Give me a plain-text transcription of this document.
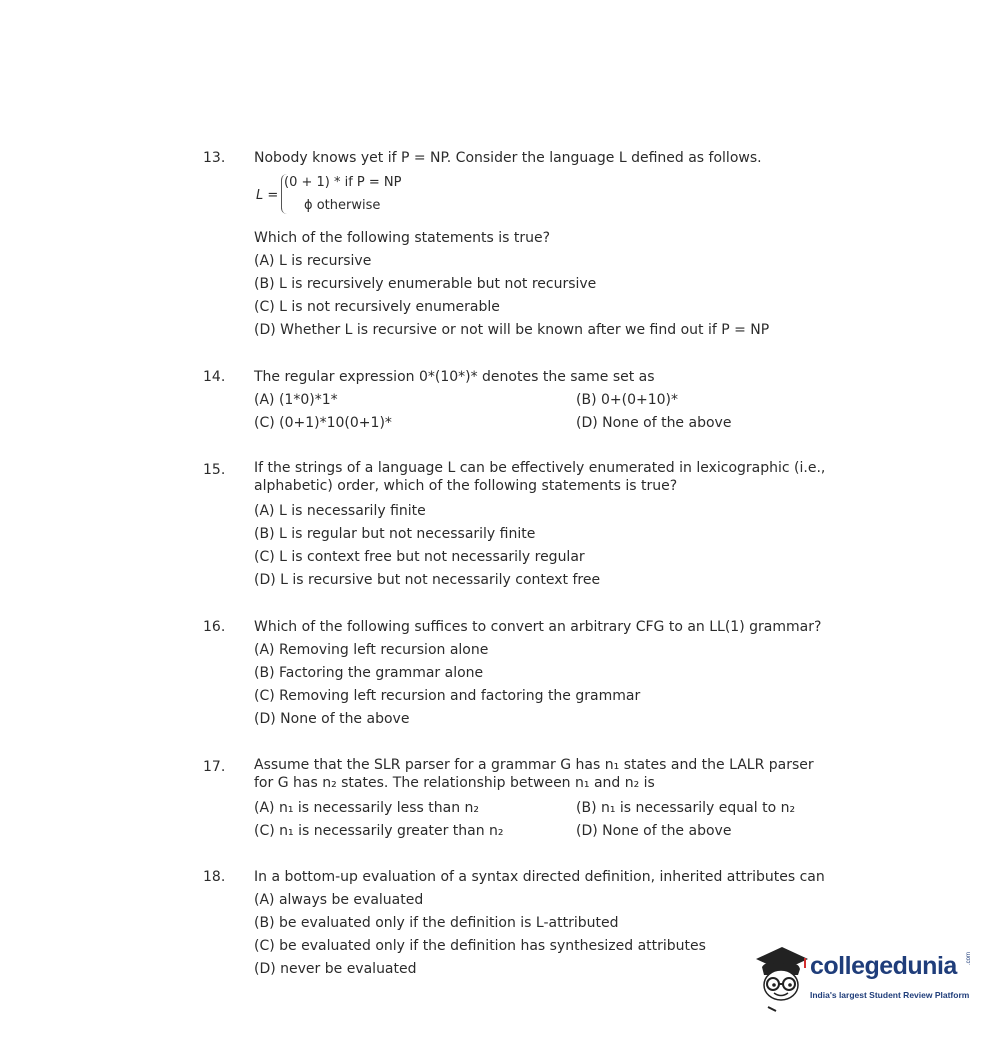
13. Nobody knows yet if P = NP. Consider the language L defined as follows.
L =
(0 + 1) * if P = NP
ϕ otherwise
Which of the following statements is true?
(A) L is recursive
(B) L is recursively enumerable but not recursive
(C) L is not recursively enumerable
(D) Whether L is recursive or not will be known after we find out if P = NP
14. The regular expression 0*(10*)* denotes the same set as
(A) (1*0)*1*	(B) 0+(0+10)*
(C) (0+1)*10(0+1)*	(D) None of the above
15. If the strings of a language L can be effectively enumerated in lexicographic (i.e.,
alphabetic) order, which of the following statements is true?
(A) L is necessarily finite
(B) L is regular but not necessarily finite
(C) L is context free but not necessarily regular
(D) L is recursive but not necessarily context free
16. Which of the following suffices to convert an arbitrary CFG to an LL(1) grammar?
(A) Removing left recursion alone
(B) Factoring the grammar alone
(C) Removing left recursion and factoring the grammar
(D) None of the above
17. Assume that the SLR parser for a grammar G has n₁ states and the LALR parser
for G has n₂ states. The relationship between n₁ and n₂ is
(A) n₁ is necessarily less than n₂	(B) n₁ is necessarily equal to n₂
(C) n₁ is necessarily greater than n₂	(D) None of the above
18. In a bottom-up evaluation of a syntax directed definition, inherited attributes can
(A) always be evaluated
(B) be evaluated only if the definition is L-attributed
(C) be evaluated only if the definition has synthesized attributes
(D) never be evaluated	collegedunia .com
India's largest Student Review Platform
